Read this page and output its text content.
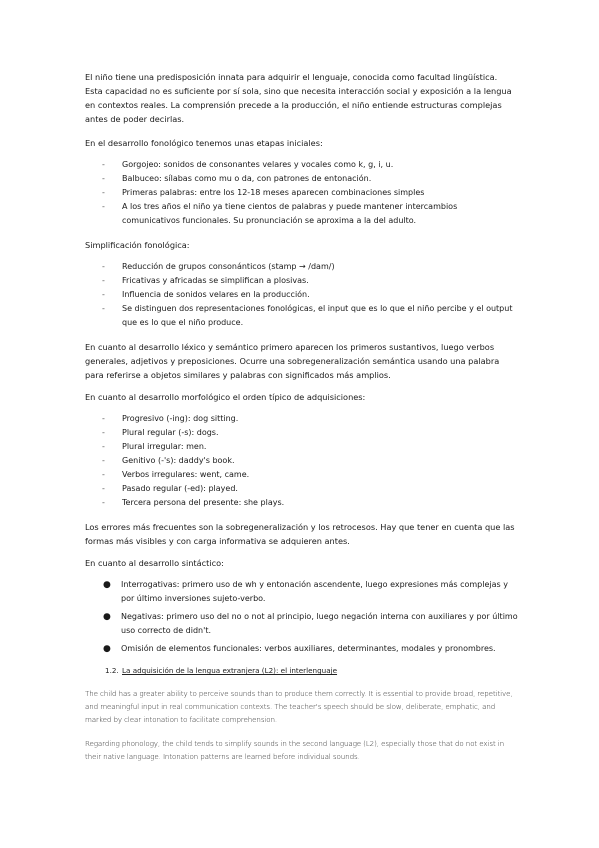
El niño tiene una predisposición innata para adquirir el lenguaje, conocida como facultad lingüística. Esta capacidad no es suficiente por sí sola, sino que necesita interacción social y exposición a la lengua en contextos reales. La comprensión precede a la producción, el niño entiende estructuras complejas antes de poder decirlas.

En el desarrollo fonológico tenemos unas etapas iniciales:

- Gorgojeo: sonidos de consonantes velares y vocales como k, g, i, u.
- Balbuceo: sílabas como mu o da, con patrones de entonación.
- Primeras palabras: entre los 12-18 meses aparecen combinaciones simples
- A los tres años el niño ya tiene cientos de palabras y puede mantener intercambios comunicativos funcionales. Su pronunciación se aproxima a la del adulto.

Simplificación fonológica:

- Reducción de grupos consonánticos (stamp → /dam/)
- Fricativas y africadas se simplifican a plosivas.
- Influencia de sonidos velares en la producción.
- Se distinguen dos representaciones fonológicas, el input que es lo que el niño percibe y el output que es lo que el niño produce.

En cuanto al desarrollo léxico y semántico primero aparecen los primeros sustantivos, luego verbos generales, adjetivos y preposiciones. Ocurre una sobregeneralización semántica usando una palabra para referirse a objetos similares y palabras con significados más amplios.

En cuanto al desarrollo morfológico el orden típico de adquisiciones:

- Progresivo (-ing): dog sitting.
- Plural regular (-s): dogs.
- Plural irregular: men.
- Genitivo (-'s): daddy's book.
- Verbos irregulares: went, came.
- Pasado regular (-ed): played.
- Tercera persona del presente: she plays.

Los errores más frecuentes son la sobregeneralización y los retrocesos. Hay que tener en cuenta que las formas más visibles y con carga informativa se adquieren antes.

En cuanto al desarrollo sintáctico:

● Interrogativas: primero uso de wh y entonación ascendente, luego expresiones más complejas y por último inversiones sujeto-verbo.
● Negativas: primero uso del no o not al principio, luego negación interna con auxiliares y por último uso correcto de didn't.
● Omisión de elementos funcionales: verbos auxiliares, determinantes, modales y pronombres.
1.2. La adquisición de la lengua extranjera (L2): el interlenguaje
The child has a greater ability to perceive sounds than to produce them correctly. It is essential to provide broad, repetitive, and meaningful input in real communication contexts. The teacher's speech should be slow, deliberate, emphatic, and marked by clear intonation to facilitate comprehension.
Regarding phonology, the child tends to simplify sounds in the second language (L2), especially those that do not exist in their native language. Intonation patterns are learned before individual sounds.
